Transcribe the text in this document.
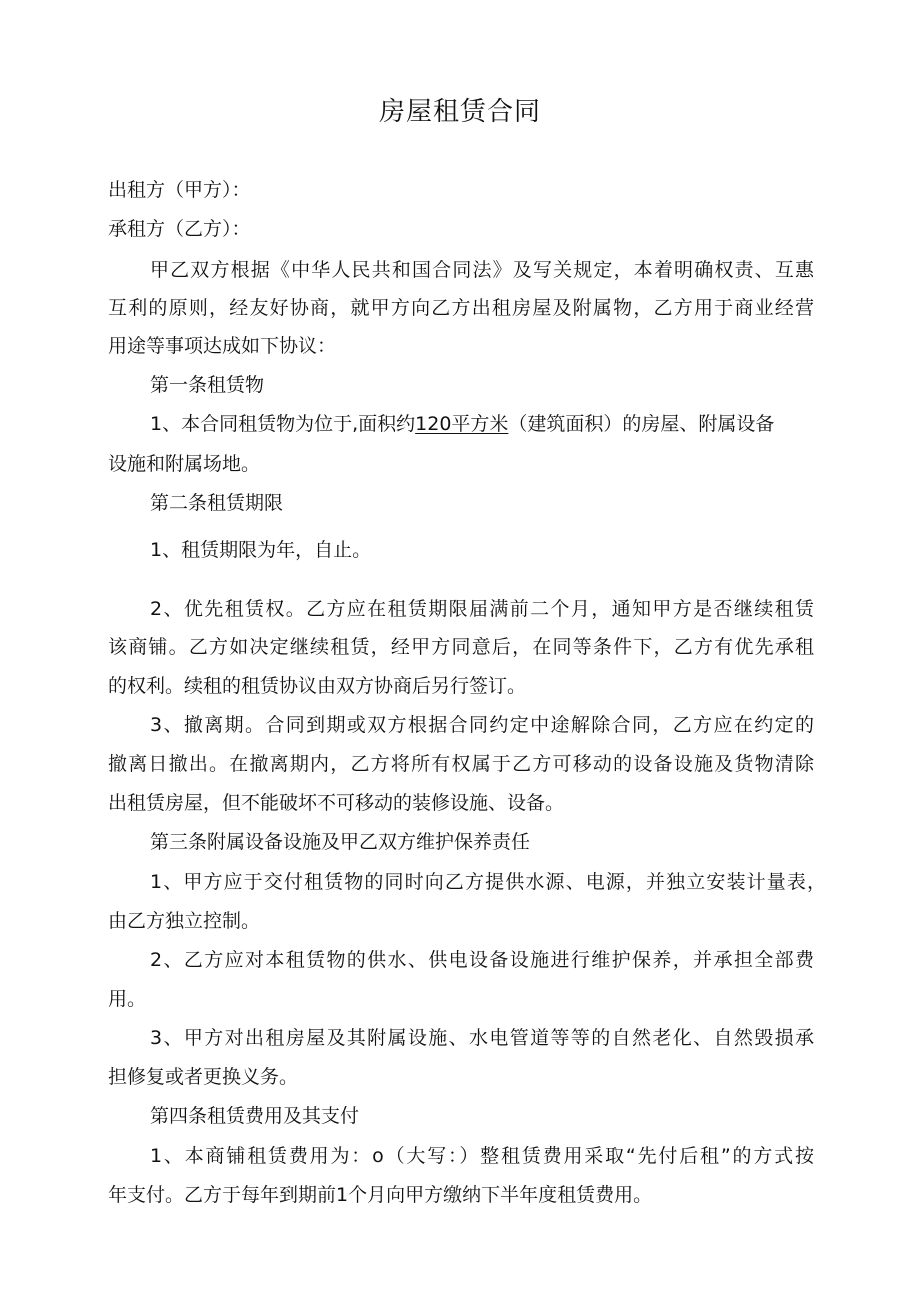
房屋租赁合同
出租方（甲方）：
承租方（乙方）：
甲乙双方根据《中华人民共和国合同法》及写关规定，本着明确权责、互惠
互利的原则，经友好协商，就甲方向乙方出租房屋及附属物，乙方用于商业经营
用途等事项达成如下协议：
第一条租赁物
1、本合同租赁物为位于,面积约120平方米（建筑面积）的房屋、附属设备
设施和附属场地。
第二条租赁期限
1、租赁期限为年，自止。
2、优先租赁权。乙方应在租赁期限届满前二个月，通知甲方是否继续租赁
该商铺。乙方如决定继续租赁，经甲方同意后，在同等条件下，乙方有优先承租
的权利。续租的租赁协议由双方协商后另行签订。
3、撤离期。合同到期或双方根据合同约定中途解除合同，乙方应在约定的
撤离日撤出。在撤离期内，乙方将所有权属于乙方可移动的设备设施及货物清除
出租赁房屋，但不能破坏不可移动的装修设施、设备。
第三条附属设备设施及甲乙双方维护保养责任
1、甲方应于交付租赁物的同时向乙方提供水源、电源，并独立安装计量表，
由乙方独立控制。
2、乙方应对本租赁物的供水、供电设备设施进行维护保养，并承担全部费
用。
3、甲方对出租房屋及其附属设施、水电管道等等的自然老化、自然毁损承
担修复或者更换义务。
第四条租赁费用及其支付
1、本商铺租赁费用为：o（大写：）整租赁费用采取“先付后租”的方式按
年支付。乙方于每年到期前1个月向甲方缴纳下半年度租赁费用。
